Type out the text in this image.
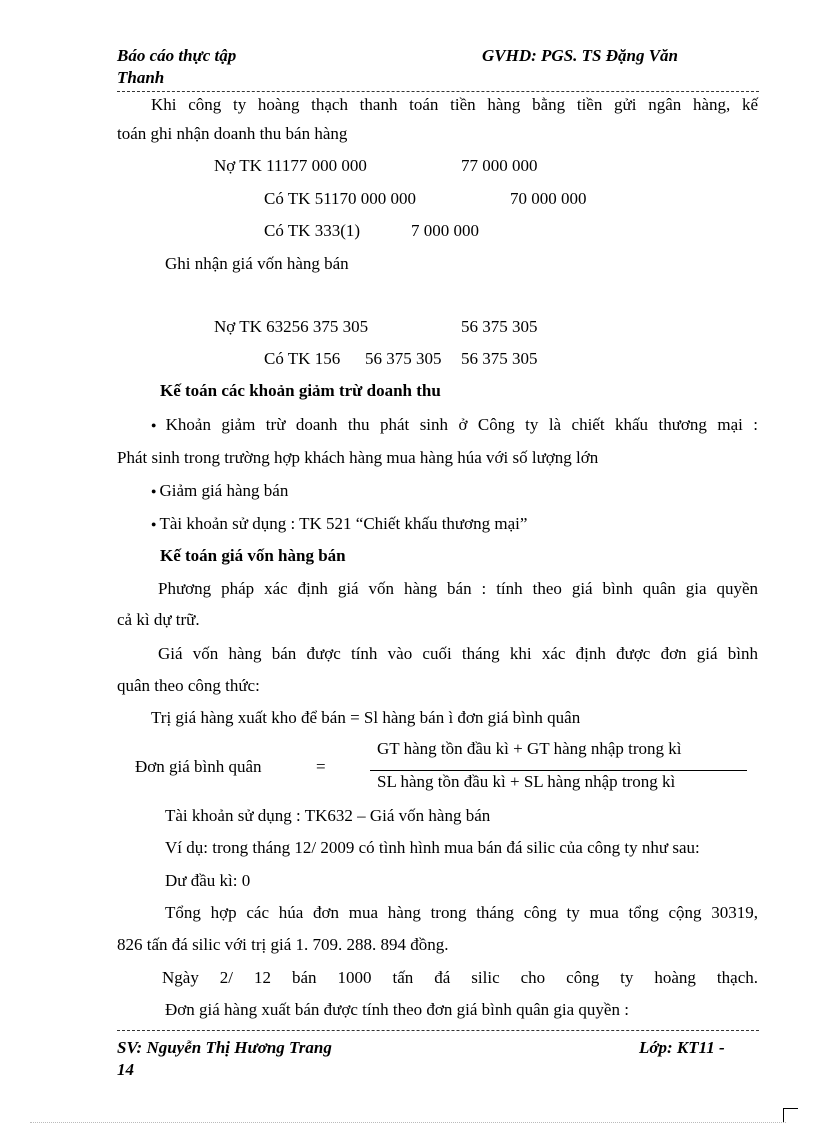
Báo cáo thực tập
Thanh
GVHD: PGS. TS Đặng Văn
Khi công ty hoàng thạch thanh toán tiền hàng bằng tiền gửi ngân hàng, kế
toán ghi nhận doanh thu bán hàng
Nợ TK 11177 000 000	77 000 000
Có TK 51170 000 000	70 000 000
Có TK 333(1)	7 000 000
Ghi nhận giá vốn hàng bán
Nợ TK 63256 375 305	56 375 305
Có TK 156 56 375 305 56 375 305
Kế toán các khoản giảm trừ doanh thu
● Khoản giảm trừ doanh thu phát sinh ở Công ty là chiết khấu thương mại :
Phát sinh trong trường hợp khách hàng mua hàng húa với số lượng lớn
● Giảm giá hàng bán
● Tài khoản sử dụng : TK 521 “Chiết khấu thương mại”
Kế toán giá vốn hàng bán
Phương pháp xác định giá vốn hàng bán : tính theo giá bình quân gia quyền
cả kì dự trữ.
Giá vốn hàng bán được tính vào cuối tháng khi xác định được đơn giá bình
quân theo công thức:
Trị giá hàng xuất kho để bán = Sl hàng bán ì đơn giá bình quân
Đơn giá bình quân	=
GT hàng tồn đầu kì + GT hàng nhập trong kì
SL hàng tồn đầu kì + SL hàng nhập trong kì
Tài khoản sử dụng : TK632 – Giá vốn hàng bán
Ví dụ: trong tháng 12/ 2009 có tình hình mua bán đá silic của công ty như sau:
Dư đầu kì: 0
Tổng hợp các húa đơn mua hàng trong tháng công ty mua tổng cộng 30319,
826 tấn đá silic với trị giá 1. 709. 288. 894 đồng.
Ngày 2/ 12 bán 1000 tấn đá silic cho công ty hoàng thạch.
Đơn giá hàng xuất bán được tính theo đơn giá bình quân gia quyền :
SV: Nguyễn Thị Hương Trang
14
Lớp: KT11 -
